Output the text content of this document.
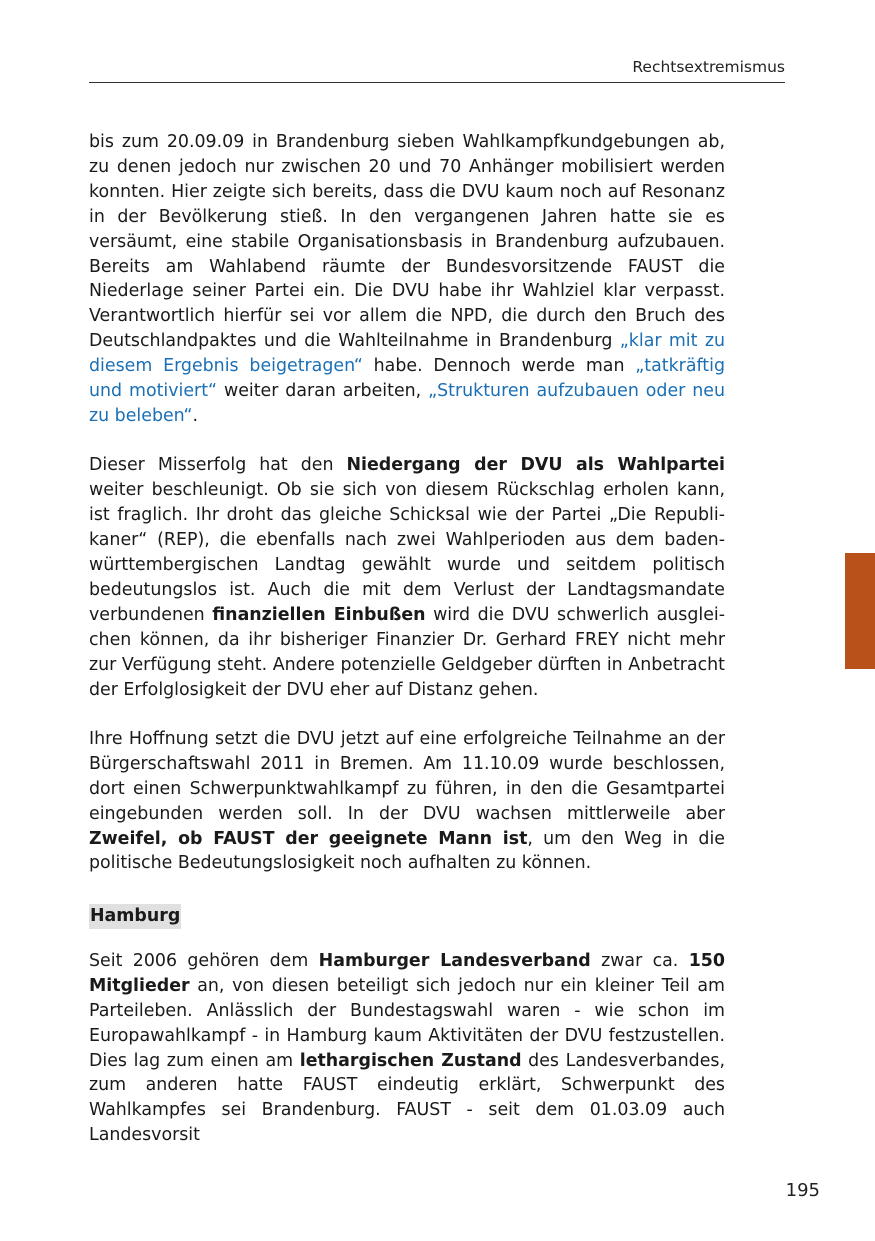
Rechtsextremismus

bis zum 20.09.09 in Brandenburg sieben Wahlkampfkundgebungen ab, zu denen jedoch nur zwischen 20 und 70 Anhänger mobilisiert werden konnten. Hier zeigte sich bereits, dass die DVU kaum noch auf Resonanz in der Bevölkerung stieß. In den vergangenen Jahren hatte sie es versäumt, eine stabile Organisationsbasis in Brandenburg aufzubauen. Bereits am Wahlabend räumte der Bundesvorsitzende FAUST die Niederlage seiner Partei ein. Die DVU habe ihr Wahlziel klar verpasst. Verantwortlich hierfür sei vor allem die NPD, die durch den Bruch des Deutschlandpaktes und die Wahlteilnahme in Brandenburg „klar mit zu diesem Ergebnis beigetragen“ habe. Dennoch werde man „tatkräftig und motiviert“ weiter daran arbeiten, „Strukturen aufzubauen oder neu zu beleben“.

Dieser Misserfolg hat den Niedergang der DVU als Wahlpartei weiter beschleunigt. Ob sie sich von diesem Rückschlag erholen kann, ist fraglich. Ihr droht das gleiche Schicksal wie der Partei „Die Republikaner“ (REP), die ebenfalls nach zwei Wahlperioden aus dem baden-württembergischen Landtag gewählt wurde und seitdem politisch bedeutungslos ist. Auch die mit dem Verlust der Landtagsmandate verbundenen finanziellen Einbußen wird die DVU schwerlich ausgleichen können, da ihr bisheriger Finanzier Dr. Gerhard FREY nicht mehr zur Verfügung steht. Andere potenzielle Geldgeber dürften in Anbetracht der Erfolglosigkeit der DVU eher auf Distanz gehen.

Ihre Hoffnung setzt die DVU jetzt auf eine erfolgreiche Teilnahme an der Bürgerschaftswahl 2011 in Bremen. Am 11.10.09 wurde beschlossen, dort einen Schwerpunktwahlkampf zu führen, in den die Gesamtpartei eingebunden werden soll. In der DVU wachsen mittlerweile aber Zweifel, ob FAUST der geeignete Mann ist, um den Weg in die politische Bedeutungslosigkeit noch aufhalten zu können.

Hamburg

Seit 2006 gehören dem Hamburger Landesverband zwar ca. 150 Mitglieder an, von diesen beteiligt sich jedoch nur ein kleiner Teil am Parteileben. Anlässlich der Bundestagswahl waren - wie schon im Europawahlkampf - in Hamburg kaum Aktivitäten der DVU festzustellen. Dies lag zum einen am lethargischen Zustand des Landesverbandes, zum anderen hatte FAUST eindeutig erklärt, Schwerpunkt des Wahlkampfes sei Brandenburg. FAUST - seit dem 01.03.09 auch Landesvorsit

195
